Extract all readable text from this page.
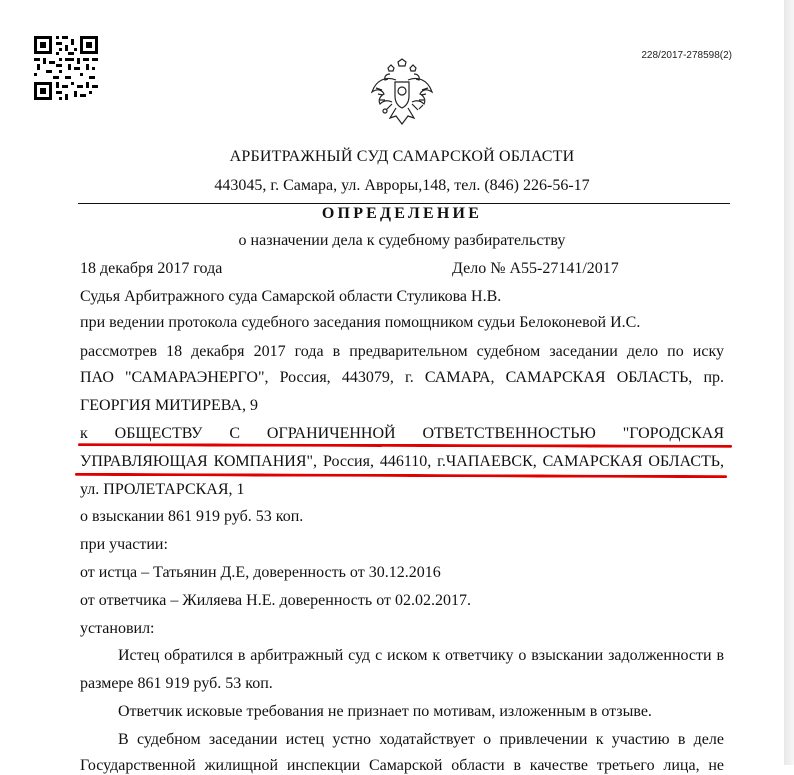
228/2017-278598(2)
АРБИТРАЖНЫЙ СУД САМАРСКОЙ ОБЛАСТИ
443045, г. Самара, ул. Авроры,148, тел. (846) 226-56-17
ОПРЕДЕЛЕНИЕ
о назначении дела к судебному разбирательству
18 декабря 2017 года	Дело № А55-27141/2017
Судья Арбитражного суда Самарской области Стуликова Н.В.
при ведении протокола судебного заседания помощником судьи Белоконевой И.С.
рассмотрев 18 декабря 2017 года в предварительном судебном заседании дело по иску
ПАО "САМАРАЭНЕРГО", Россия, 443079, г. САМАРА, САМАРСКАЯ ОБЛАСТЬ, пр.
ГЕОРГИЯ МИТИРЕВА, 9
к ОБЩЕСТВУ С ОГРАНИЧЕННОЙ ОТВЕТСТВЕННОСТЬЮ "ГОРОДСКАЯ
УПРАВЛЯЮЩАЯ КОМПАНИЯ", Россия, 446110, г.ЧАПАЕВСК, САМАРСКАЯ ОБЛАСТЬ,
ул. ПРОЛЕТАРСКАЯ, 1
о взыскании 861 919 руб. 53 коп.
при участии:
от истца – Татьянин Д.Е, доверенность от 30.12.2016
от ответчика – Жиляева Н.Е. доверенность от 02.02.2017.
установил:
Истец обратился в арбитражный суд с иском к ответчику о взыскании задолженности в
размере 861 919 руб. 53 коп.
Ответчик исковые требования не признает по мотивам, изложенным в отзыве.
В судебном заседании истец устно ходатайствует о привлечении к участию в деле
Государственной жилищной инспекции Самарской области в качестве третьего лица, не
